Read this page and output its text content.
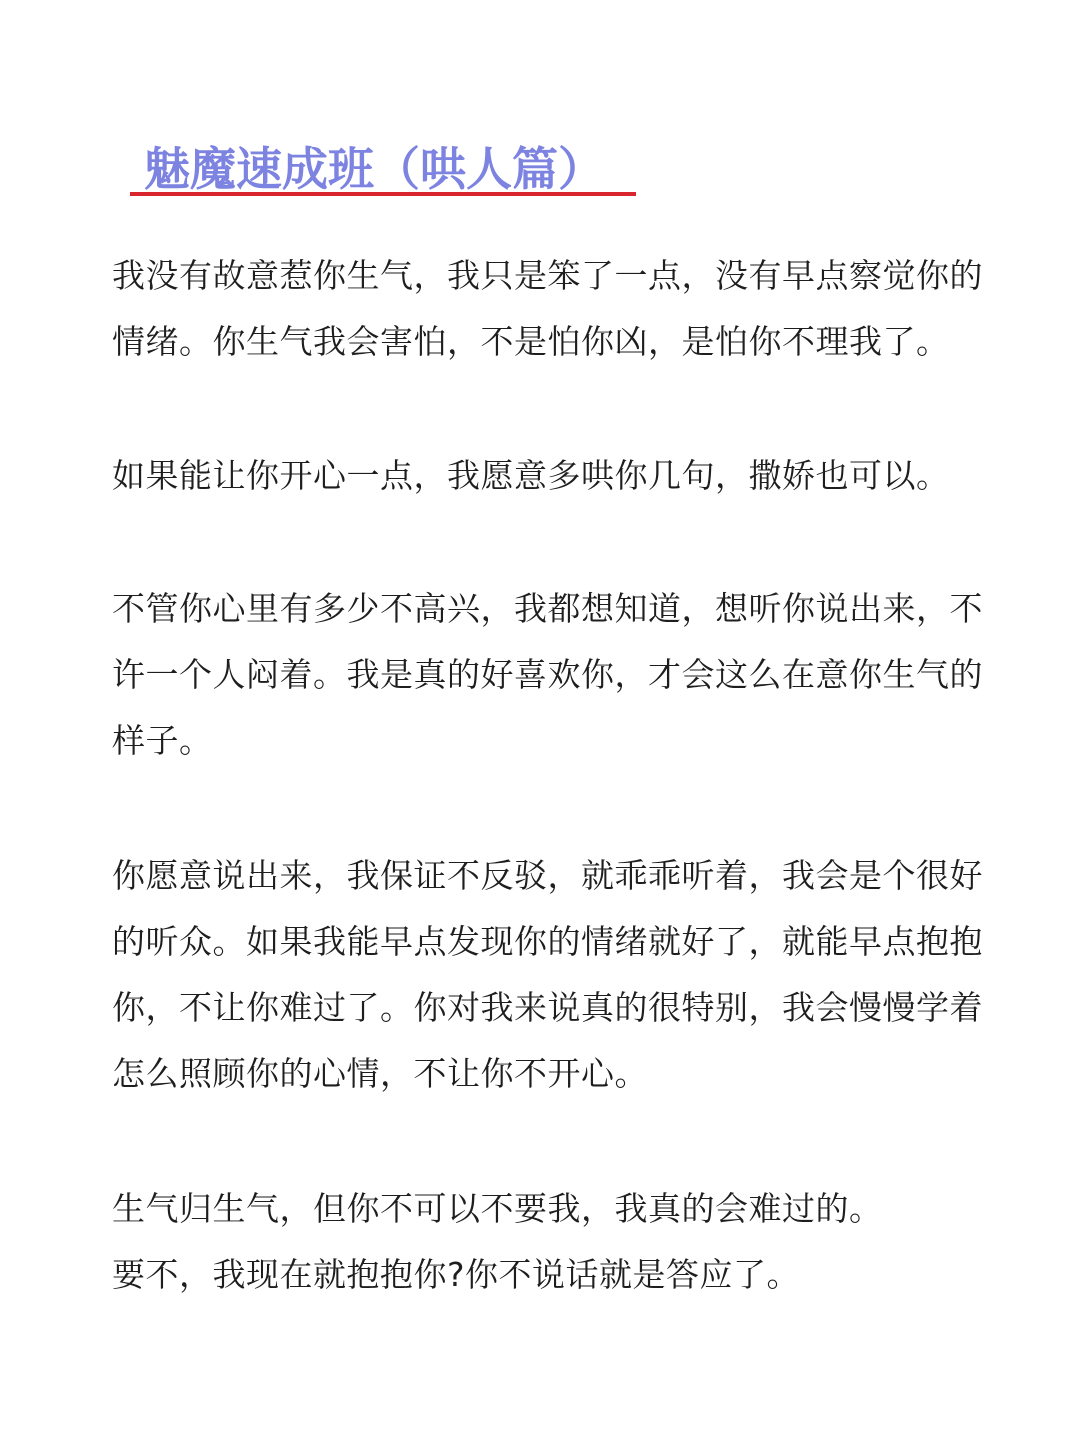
魅魔速成班（哄人篇）

我没有故意惹你生气，我只是笨了一点，没有早点察觉你的
情绪。你生气我会害怕，不是怕你凶，是怕你不理我了。

如果能让你开心一点，我愿意多哄你几句，撒娇也可以。

不管你心里有多少不高兴，我都想知道，想听你说出来，不
许一个人闷着。我是真的好喜欢你，才会这么在意你生气的
样子。

你愿意说出来，我保证不反驳，就乖乖听着，我会是个很好
的听众。如果我能早点发现你的情绪就好了，就能早点抱抱
你，不让你难过了。你对我来说真的很特别，我会慢慢学着
怎么照顾你的心情，不让你不开心。

生气归生气，但你不可以不要我，我真的会难过的。
要不，我现在就抱抱你?你不说话就是答应了。
